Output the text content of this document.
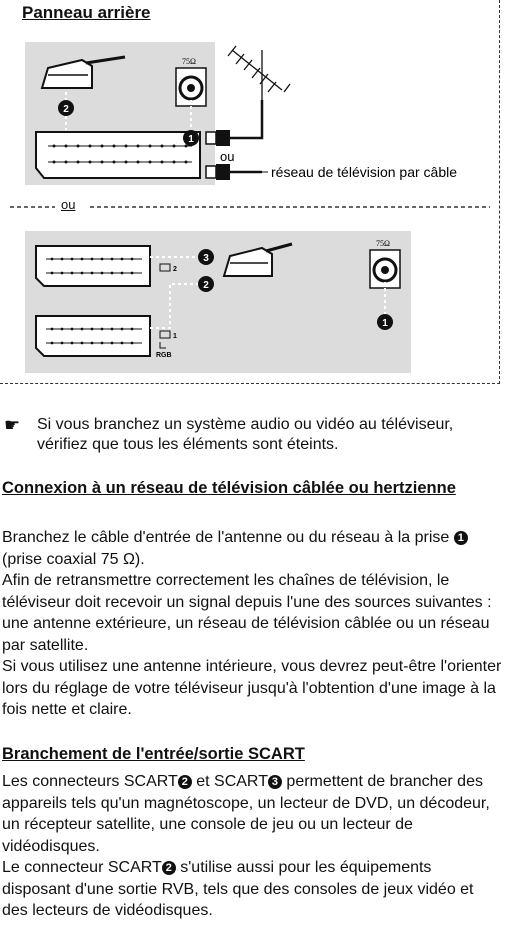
Panneau arrière
2
75Ω
1
ou
réseau de télévision par câble
ou
2
1
RGB
3
2
75Ω
1
☛ Si vous branchez un système audio ou vidéo au téléviseur, vérifiez que tous les éléments sont éteints.
Connexion à un réseau de télévision câblée ou hertzienne
Branchez le câble d'entrée de l'antenne ou du réseau à la prise 1 (prise coaxial 75 Ω).
Afin de retransmettre correctement les chaînes de télévision, le téléviseur doit recevoir un signal depuis l'une des sources suivantes : une antenne extérieure, un réseau de télévision câblée ou un réseau par satellite.
Si vous utilisez une antenne intérieure, vous devrez peut-être l'orienter lors du réglage de votre téléviseur jusqu'à l'obtention d'une image à la fois nette et claire.
Branchement de l'entrée/sortie SCART
Les connecteurs SCART 2 et SCART 3 permettent de brancher des appareils tels qu'un magnétoscope, un lecteur de DVD, un décodeur, un récepteur satellite, une console de jeu ou un lecteur de vidéodisques.
Le connecteur SCART 2 s'utilise aussi pour les équipements disposant d'une sortie RVB, tels que des consoles de jeux vidéo et des lecteurs de vidéodisques.
